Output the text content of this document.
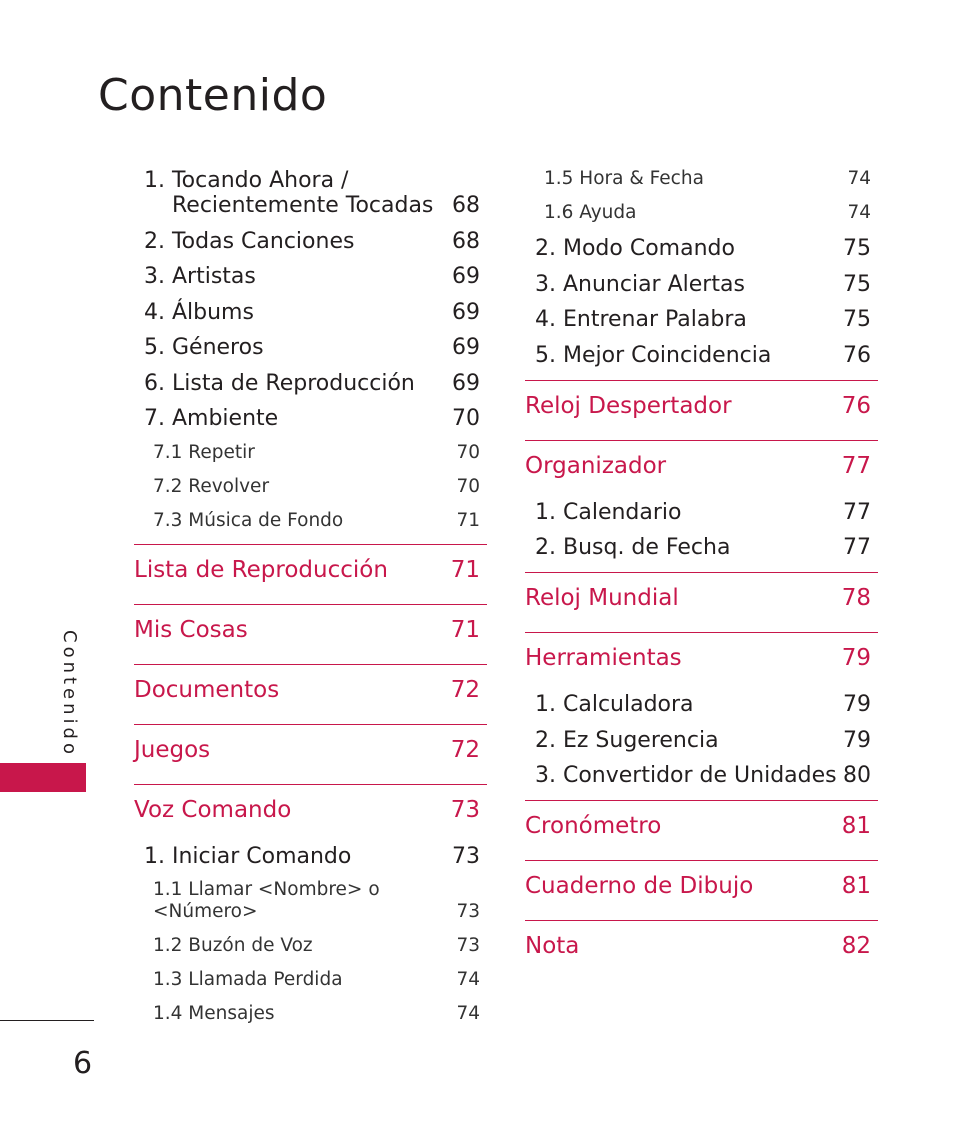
Contenido
1. Tocando Ahora /
Recientemente Tocadas 68
2. Todas Canciones	68
3. Artistas	69
4. Álbums	69
5. Géneros	69
6. Lista de Reproducción 69
7. Ambiente	70
7.1 Repetir	70
7.2 Revolver	70
7.3 Música de Fondo	71
Lista de Reproducción	71
Mis Cosas	71
Documentos	72
Juegos	72
Voz Comando	73
1. Iniciar Comando	73
1.1 Llamar <Nombre> o <Número>	73
1.2 Buzón de Voz	73
1.3 Llamada Perdida	74
1.4 Mensajes	74
1.5 Hora & Fecha	74
1.6 Ayuda	74
2. Modo Comando	75
3. Anunciar Alertas	75
4. Entrenar Palabra	75
5. Mejor Coincidencia	76
Reloj Despertador	76
Organizador	77
1. Calendario	77
2. Busq. de Fecha	77
Reloj Mundial	78
Herramientas	79
1. Calculadora	79
2. Ez Sugerencia	79
3. Convertidor de Unidades 80
Cronómetro	81
Cuaderno de Dibujo	81
Nota	82
Contenido
6
